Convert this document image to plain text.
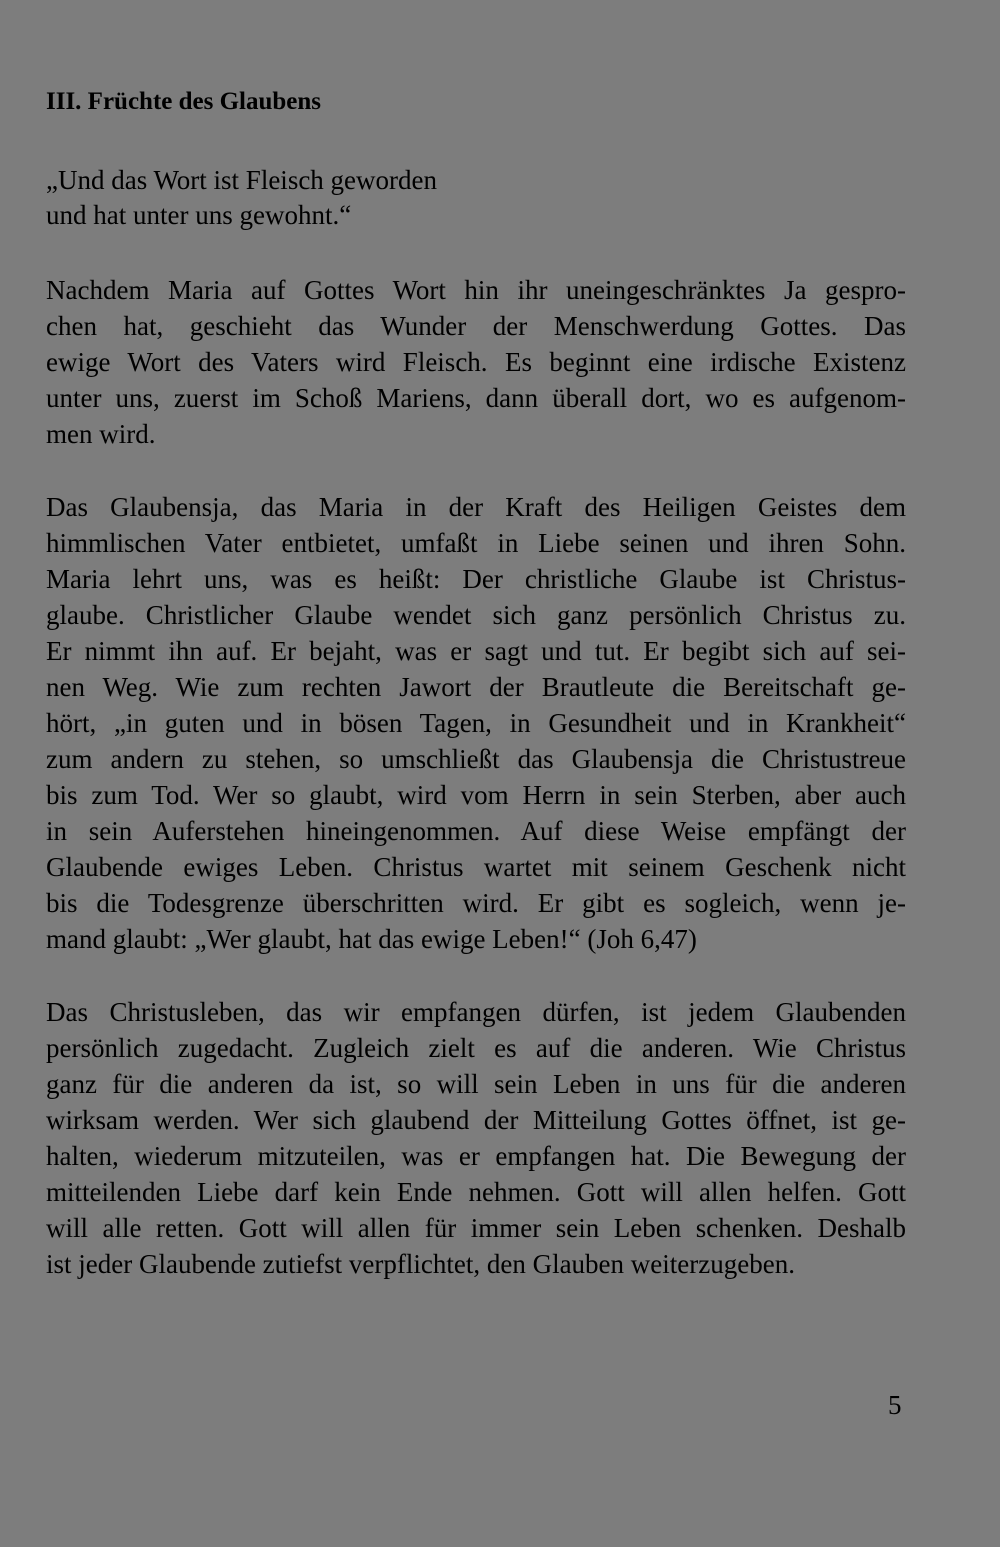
III. Früchte des Glaubens
„Und das Wort ist Fleisch geworden
und hat unter uns gewohnt.“
Nachdem Maria auf Gottes Wort hin ihr uneingeschränktes Ja gespro-
chen hat, geschieht das Wunder der Menschwerdung Gottes. Das
ewige Wort des Vaters wird Fleisch. Es beginnt eine irdische Existenz
unter uns, zuerst im Schoß Mariens, dann überall dort, wo es aufgenom-
men wird.
Das Glaubensja, das Maria in der Kraft des Heiligen Geistes dem
himmlischen Vater entbietet, umfaßt in Liebe seinen und ihren Sohn.
Maria lehrt uns, was es heißt: Der christliche Glaube ist Christus-
glaube. Christlicher Glaube wendet sich ganz persönlich Christus zu.
Er nimmt ihn auf. Er bejaht, was er sagt und tut. Er begibt sich auf sei-
nen Weg. Wie zum rechten Jawort der Brautleute die Bereitschaft ge-
hört, „in guten und in bösen Tagen, in Gesundheit und in Krankheit“
zum andern zu stehen, so umschließt das Glaubensja die Christustreue
bis zum Tod. Wer so glaubt, wird vom Herrn in sein Sterben, aber auch
in sein Auferstehen hineingenommen. Auf diese Weise empfängt der
Glaubende ewiges Leben. Christus wartet mit seinem Geschenk nicht
bis die Todesgrenze überschritten wird. Er gibt es sogleich, wenn je-
mand glaubt: „Wer glaubt, hat das ewige Leben!“ (Joh 6,47)
Das Christusleben, das wir empfangen dürfen, ist jedem Glaubenden
persönlich zugedacht. Zugleich zielt es auf die anderen. Wie Christus
ganz für die anderen da ist, so will sein Leben in uns für die anderen
wirksam werden. Wer sich glaubend der Mitteilung Gottes öffnet, ist ge-
halten, wiederum mitzuteilen, was er empfangen hat. Die Bewegung der
mitteilenden Liebe darf kein Ende nehmen. Gott will allen helfen. Gott
will alle retten. Gott will allen für immer sein Leben schenken. Deshalb
ist jeder Glaubende zutiefst verpflichtet, den Glauben weiterzugeben.
5
